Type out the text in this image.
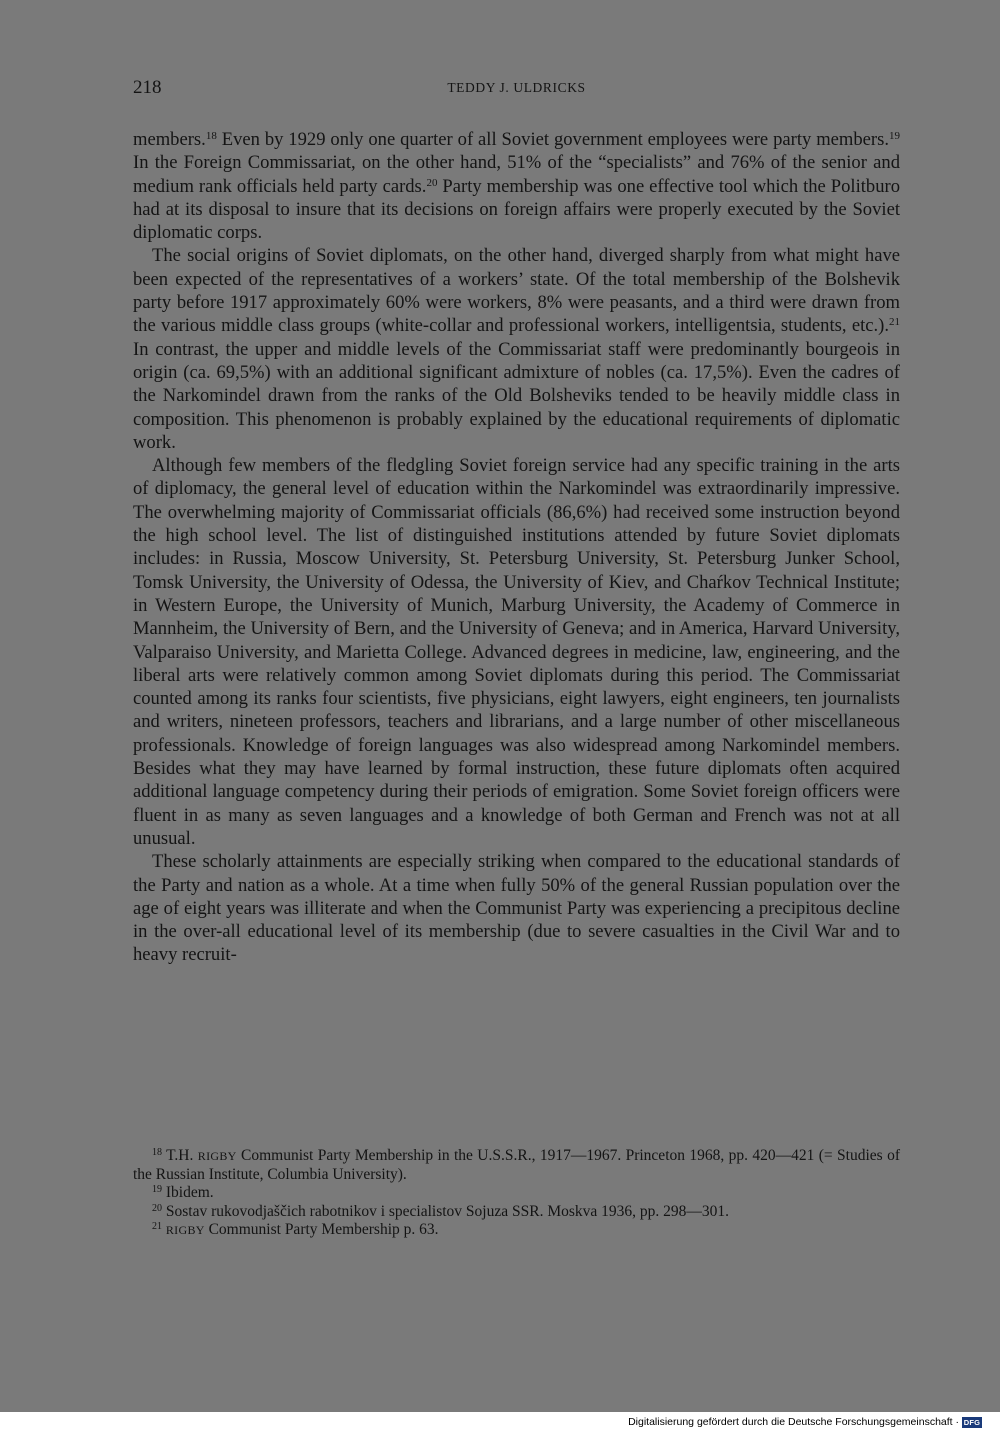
218	TEDDY J. ULDRICKS

members.$^{18}$ Even by 1929 only one quarter of all Soviet government employees were party members.$^{19}$ In the Foreign Commissariat, on the other hand, 51% of the “specialists” and 76% of the senior and medium rank officials held party cards.$^{20}$ Party membership was one effective tool which the Politburo had at its disposal to insure that its decisions on foreign affairs were properly executed by the Soviet diplomatic corps.

The social origins of Soviet diplomats, on the other hand, diverged sharply from what might have been expected of the representatives of a workers’ state. Of the total membership of the Bolshevik party before 1917 approximately 60% were workers, 8% were peasants, and a third were drawn from the various middle class groups (white-collar and professional workers, intelligentsia, students, etc.).$^{21}$ In contrast, the upper and middle levels of the Commissariat staff were predominantly bourgeois in origin (ca. 69,5%) with an additional significant admixture of nobles (ca. 17,5%). Even the cadres of the Narkomindel drawn from the ranks of the Old Bolsheviks tended to be heavily middle class in composition. This phenomenon is probably explained by the educational requirements of diplomatic work.

Although few members of the fledgling Soviet foreign service had any specific training in the arts of diplomacy, the general level of education within the Narkomindel was extraordinarily impressive. The overwhelming majority of Commissariat officials (86,6%) had received some instruction beyond the high school level. The list of distinguished institutions attended by future Soviet diplomats includes: in Russia, Moscow University, St. Petersburg University, St. Petersburg Junker School, Tomsk University, the University of Odessa, the University of Kiev, and Chaŕkov Technical Institute; in Western Europe, the University of Munich, Marburg University, the Academy of Commerce in Mannheim, the University of Bern, and the University of Geneva; and in America, Harvard University, Valparaiso University, and Marietta College. Advanced degrees in medicine, law, engineering, and the liberal arts were relatively common among Soviet diplomats during this period. The Commissariat counted among its ranks four scientists, five physicians, eight lawyers, eight engineers, ten journalists and writers, nineteen professors, teachers and librarians, and a large number of other miscellaneous professionals. Knowledge of foreign languages was also widespread among Narkomindel members. Besides what they may have learned by formal instruction, these future diplomats often acquired additional language competency during their periods of emigration. Some Soviet foreign officers were fluent in as many as seven languages and a knowledge of both German and French was not at all unusual.

These scholarly attainments are especially striking when compared to the educational standards of the Party and nation as a whole. At a time when fully 50% of the general Russian population over the age of eight years was illiterate and when the Communist Party was experiencing a precipitous decline in the over-all educational level of its membership (due to severe casualties in the Civil War and to heavy recruit-

$^{18}$ T.H. RIGBY Communist Party Membership in the U.S.S.R., 1917—1967. Princeton 1968, pp. 420—421 (= Studies of the Russian Institute, Columbia University).

$^{19}$ Ibidem.

$^{20}$ Sostav rukovodjaščich rabotnikov i specialistov Sojuza SSR. Moskva 1936, pp. 298—301.

$^{21}$ RIGBY Communist Party Membership p. 63.

Digitalisierung gefördert durch die Deutsche Forschungsgemeinschaft · DFG
